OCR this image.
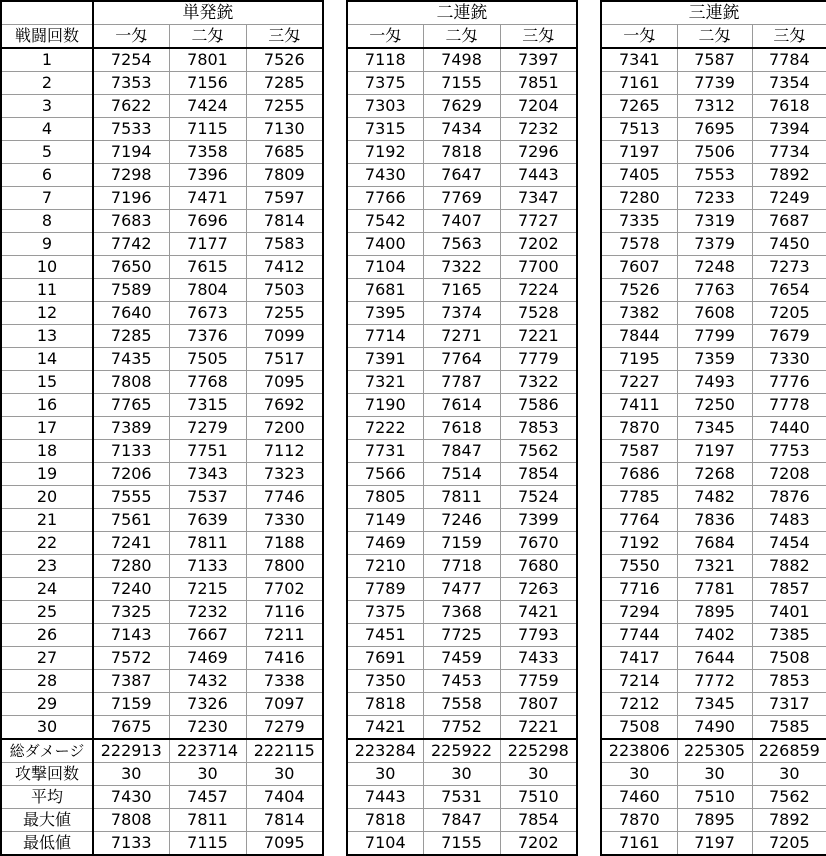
	単発銃				二連銃				三連銃		
戦闘回数	一匁	二匁	三匁		一匁	二匁	三匁		一匁	二匁	三匁
1	7254	7801	7526		7118	7498	7397		7341	7587	7784
2	7353	7156	7285		7375	7155	7851		7161	7739	7354
3	7622	7424	7255		7303	7629	7204		7265	7312	7618
4	7533	7115	7130		7315	7434	7232		7513	7695	7394
5	7194	7358	7685		7192	7818	7296		7197	7506	7734
6	7298	7396	7809		7430	7647	7443		7405	7553	7892
7	7196	7471	7597		7766	7769	7347		7280	7233	7249
8	7683	7696	7814		7542	7407	7727		7335	7319	7687
9	7742	7177	7583		7400	7563	7202		7578	7379	7450
10	7650	7615	7412		7104	7322	7700		7607	7248	7273
11	7589	7804	7503		7681	7165	7224		7526	7763	7654
12	7640	7673	7255		7395	7374	7528		7382	7608	7205
13	7285	7376	7099		7714	7271	7221		7844	7799	7679
14	7435	7505	7517		7391	7764	7779		7195	7359	7330
15	7808	7768	7095		7321	7787	7322		7227	7493	7776
16	7765	7315	7692		7190	7614	7586		7411	7250	7778
17	7389	7279	7200		7222	7618	7853		7870	7345	7440
18	7133	7751	7112		7731	7847	7562		7587	7197	7753
19	7206	7343	7323		7566	7514	7854		7686	7268	7208
20	7555	7537	7746		7805	7811	7524		7785	7482	7876
21	7561	7639	7330		7149	7246	7399		7764	7836	7483
22	7241	7811	7188		7469	7159	7670		7192	7684	7454
23	7280	7133	7800		7210	7718	7680		7550	7321	7882
24	7240	7215	7702		7789	7477	7263		7716	7781	7857
25	7325	7232	7116		7375	7368	7421		7294	7895	7401
26	7143	7667	7211		7451	7725	7793		7744	7402	7385
27	7572	7469	7416		7691	7459	7433		7417	7644	7508
28	7387	7432	7338		7350	7453	7759		7214	7772	7853
29	7159	7326	7097		7818	7558	7807		7212	7345	7317
30	7675	7230	7279		7421	7752	7221		7508	7490	7585
総ダメージ	222913	223714	222115		223284	225922	225298		223806	225305	226859
攻撃回数	30	30	30		30	30	30		30	30	30
平均	7430	7457	7404		7443	7531	7510		7460	7510	7562
最大値	7808	7811	7814		7818	7847	7854		7870	7895	7892
最低値	7133	7115	7095		7104	7155	7202		7161	7197	7205
